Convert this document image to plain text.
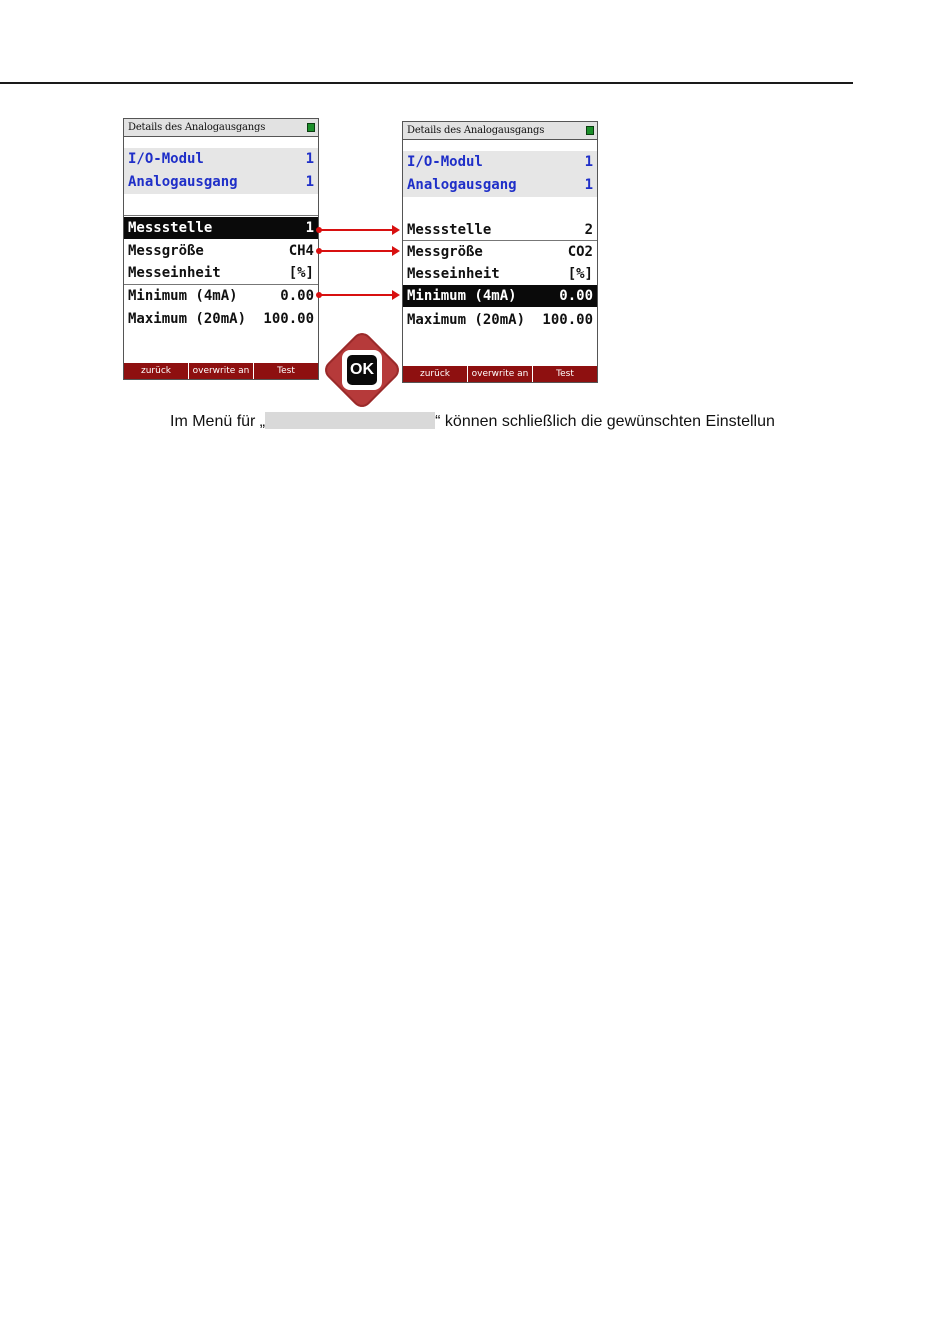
Details des Analogausgangs
I/O-Modul	1
Analogausgang	1
Messstelle	1
Messgröße	CH4
Messeinheit	[%]
Minimum (4mA)	0.00
Maximum (20mA) 100.00
zurück	overwrite an	Test
Details des Analogausgangs
I/O-Modul	1
Analogausgang	1
Messstelle	2
Messgröße	CO2
Messeinheit	[%]
Minimum (4mA)	0.00
Maximum (20mA) 100.00
zurück	overwrite an	Test
OK
Im Menü für „	“ können schließlich die gewünschten Einstellun
